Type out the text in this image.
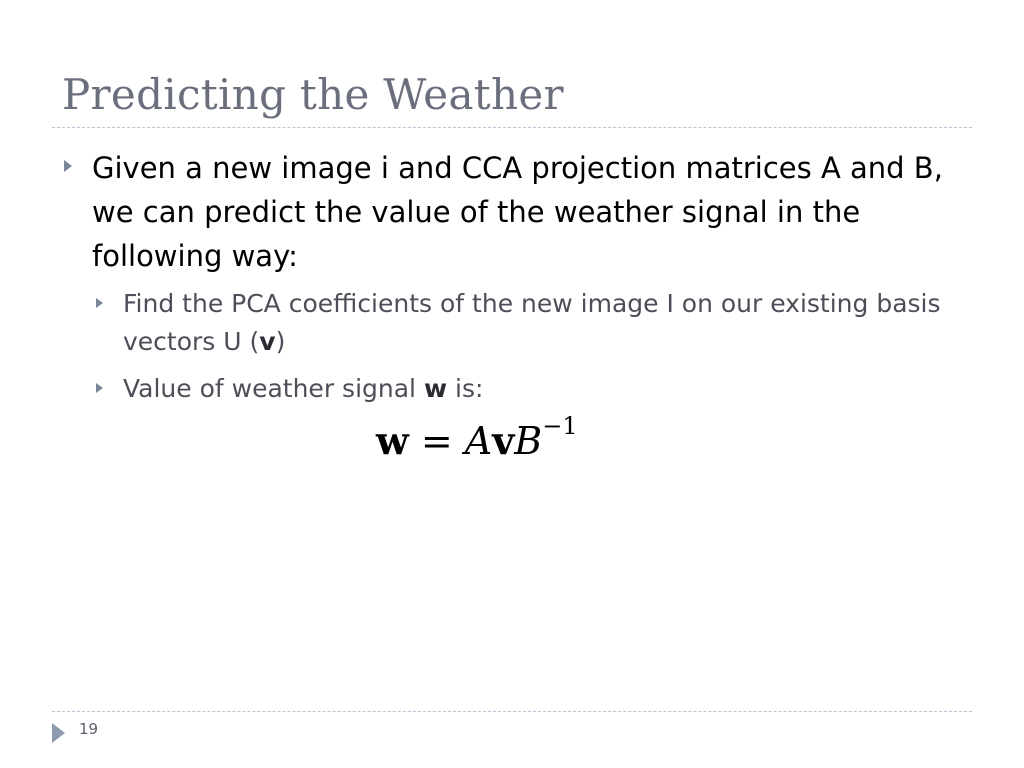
Predicting the Weather
Given a new image i and CCA projection matrices A and B, we can predict the value of the weather signal in the following way:
Find the PCA coefficients of the new image I on our existing basis vectors U (v)
Value of weather signal w is:
w = AvB$^{-1}$
19
